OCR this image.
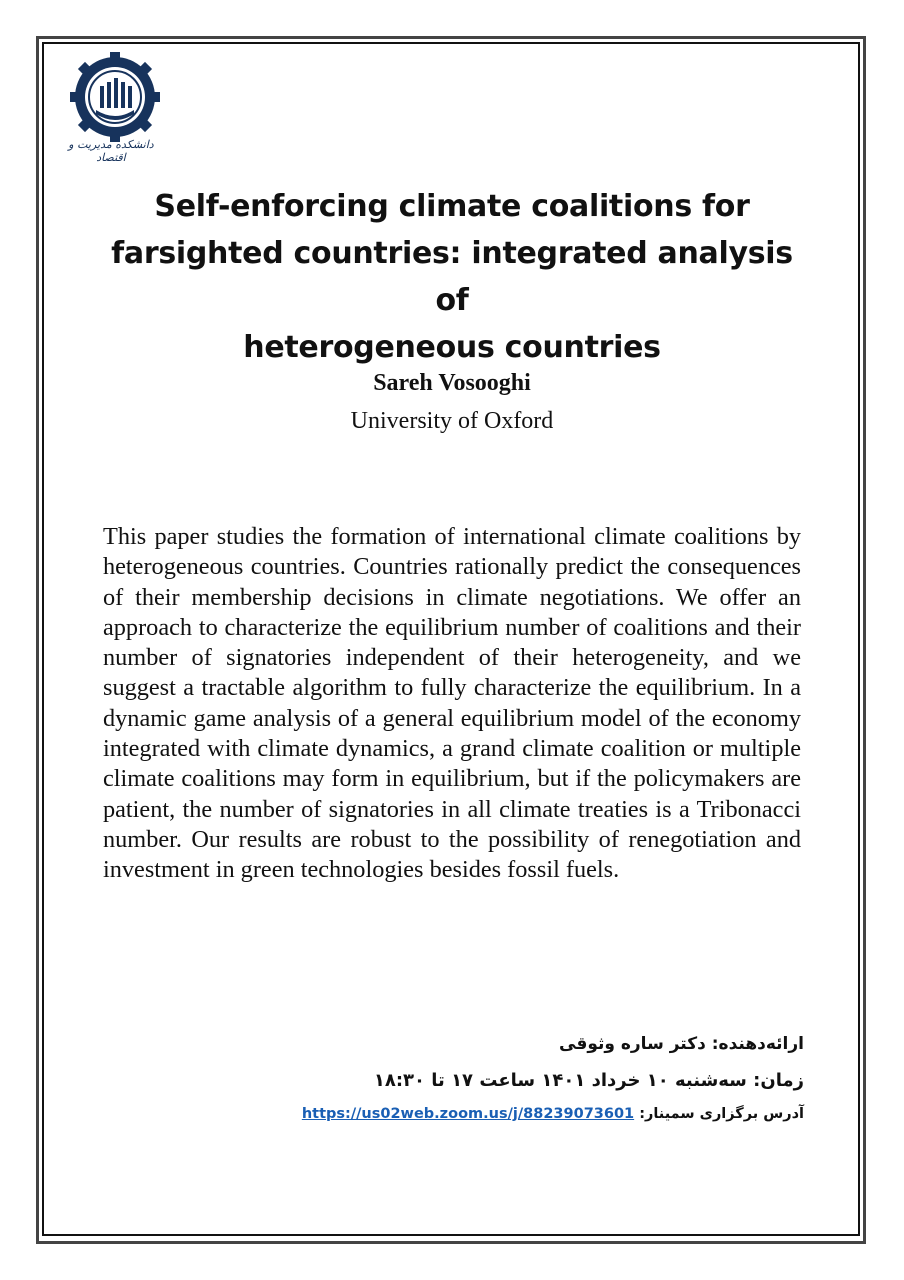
دانشکده مدیریت و اقتصاد
Self-enforcing climate coalitions for
farsighted countries: integrated analysis of
heterogeneous countries
Sareh Vosooghi
University of Oxford
This paper studies the formation of international climate coalitions by heterogeneous countries. Countries rationally predict the consequences of their membership decisions in climate negotiations. We offer an approach to characterize the equilibrium number of coalitions and their number of signatories independent of their heterogeneity, and we suggest a tractable algorithm to fully characterize the equilibrium. In a dynamic game analysis of a general equilibrium model of the economy integrated with climate dynamics, a grand climate coalition or multiple climate coalitions may form in equilibrium, but if the policymakers are patient, the number of signatories in all climate treaties is a Tribonacci number. Our results are robust to the possibility of renegotiation and investment in green technologies besides fossil fuels.
ارائه‌دهنده: دکتر ساره وثوقی
زمان: سه‌شنبه ۱۰ خرداد ۱۴۰۱ ساعت ۱۷ تا ۱۸:۳۰
آدرس برگزاری سمینار: https://us02web.zoom.us/j/88239073601
